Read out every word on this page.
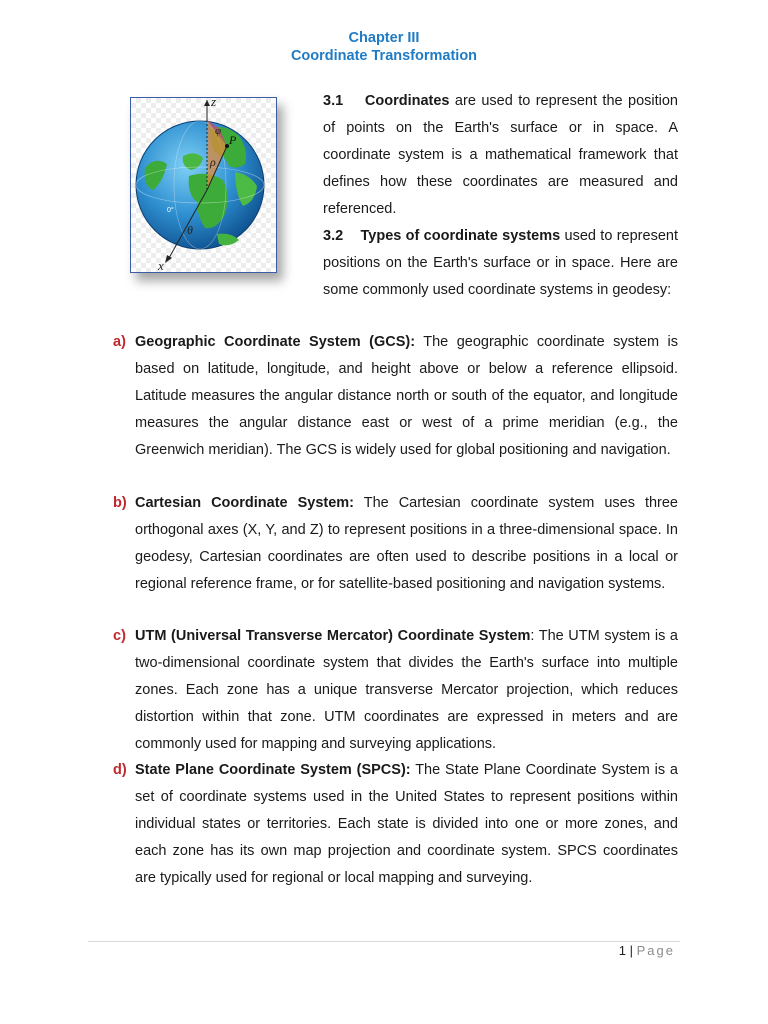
Chapter III
Coordinate Transformation
z
φ
P
ρ
0°
θ
x

3.1 Coordinates are used to represent the position of points on the Earth's surface or in space. A coordinate system is a mathematical framework that defines how these coordinates are measured and referenced.

3.2 Types of coordinate systems used to represent positions on the Earth's surface or in space. Here are some commonly used coordinate systems in geodesy:

a) Geographic Coordinate System (GCS): The geographic coordinate system is based on latitude, longitude, and height above or below a reference ellipsoid. Latitude measures the angular distance north or south of the equator, and longitude measures the angular distance east or west of a prime meridian (e.g., the Greenwich meridian). The GCS is widely used for global positioning and navigation.
b) Cartesian Coordinate System: The Cartesian coordinate system uses three orthogonal axes (X, Y, and Z) to represent positions in a three-dimensional space. In geodesy, Cartesian coordinates are often used to describe positions in a local or regional reference frame, or for satellite-based positioning and navigation systems.
c) UTM (Universal Transverse Mercator) Coordinate System: The UTM system is a two-dimensional coordinate system that divides the Earth's surface into multiple zones. Each zone has a unique transverse Mercator projection, which reduces distortion within that zone. UTM coordinates are expressed in meters and are commonly used for mapping and surveying applications.
d) State Plane Coordinate System (SPCS): The State Plane Coordinate System is a set of coordinate systems used in the United States to represent positions within individual states or territories. Each state is divided into one or more zones, and each zone has its own map projection and coordinate system. SPCS coordinates are typically used for regional or local mapping and surveying.
1 | Page
